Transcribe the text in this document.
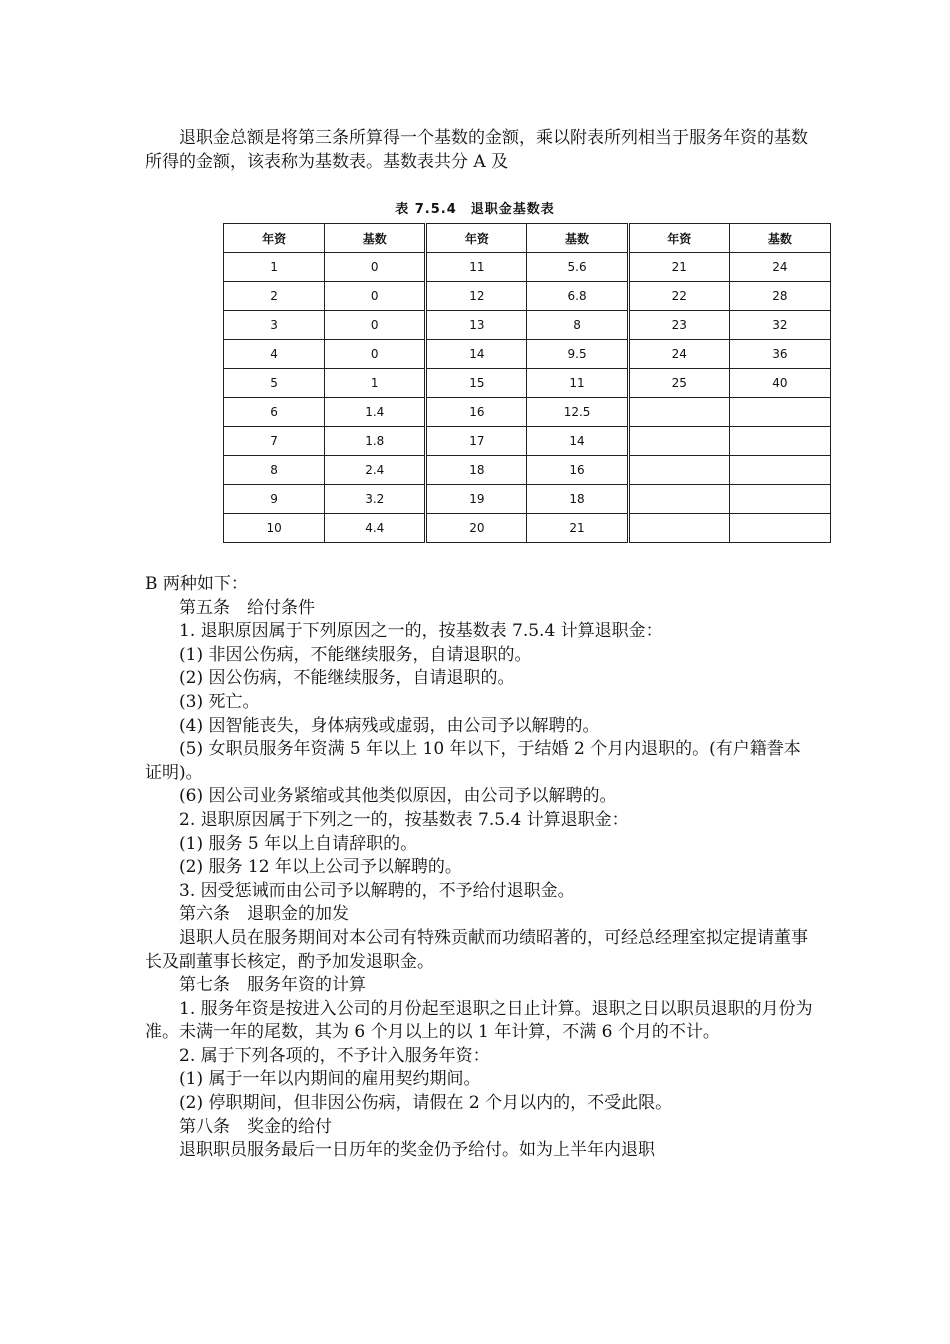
退职金总额是将第三条所算得一个基数的金额，乘以附表所列相当于服务年资的基数所得的金额，该表称为基数表。基数表共分 A 及

表 7.5.4　退职金基数表
年资	基数	年资	基数	年资	基数
1	0	11	5.6	21	24
2	0	12	6.8	22	28
3	0	13	8	23	32
4	0	14	9.5	24	36
5	1	15	11	25	40
6	1.4	16	12.5		
7	1.8	17	14		
8	2.4	18	16		
9	3.2	19	18		
10	4.4	20	21		

B 两种如下：

第五条　给付条件

1. 退职原因属于下列原因之一的，按基数表 7.5.4 计算退职金：

(1) 非因公伤病，不能继续服务，自请退职的。

(2) 因公伤病，不能继续服务，自请退职的。

(3) 死亡。

(4) 因智能丧失，身体病残或虚弱，由公司予以解聘的。

(5) 女职员服务年资满 5 年以上 10 年以下，于结婚 2 个月内退职的。(有户籍誊本证明)。

(6) 因公司业务紧缩或其他类似原因，由公司予以解聘的。

2. 退职原因属于下列之一的，按基数表 7.5.4 计算退职金：

(1) 服务 5 年以上自请辞职的。

(2) 服务 12 年以上公司予以解聘的。

3. 因受惩诫而由公司予以解聘的，不予给付退职金。

第六条　退职金的加发

退职人员在服务期间对本公司有特殊贡献而功绩昭著的，可经总经理室拟定提请董事长及副董事长核定，酌予加发退职金。

第七条　服务年资的计算

1. 服务年资是按进入公司的月份起至退职之日止计算。退职之日以职员退职的月份为准。未满一年的尾数，其为 6 个月以上的以 1 年计算，不满 6 个月的不计。

2. 属于下列各项的，不予计入服务年资：

(1) 属于一年以内期间的雇用契约期间。

(2) 停职期间，但非因公伤病，请假在 2 个月以内的，不受此限。

第八条　奖金的给付

退职职员服务最后一日历年的奖金仍予给付。如为上半年内退职
